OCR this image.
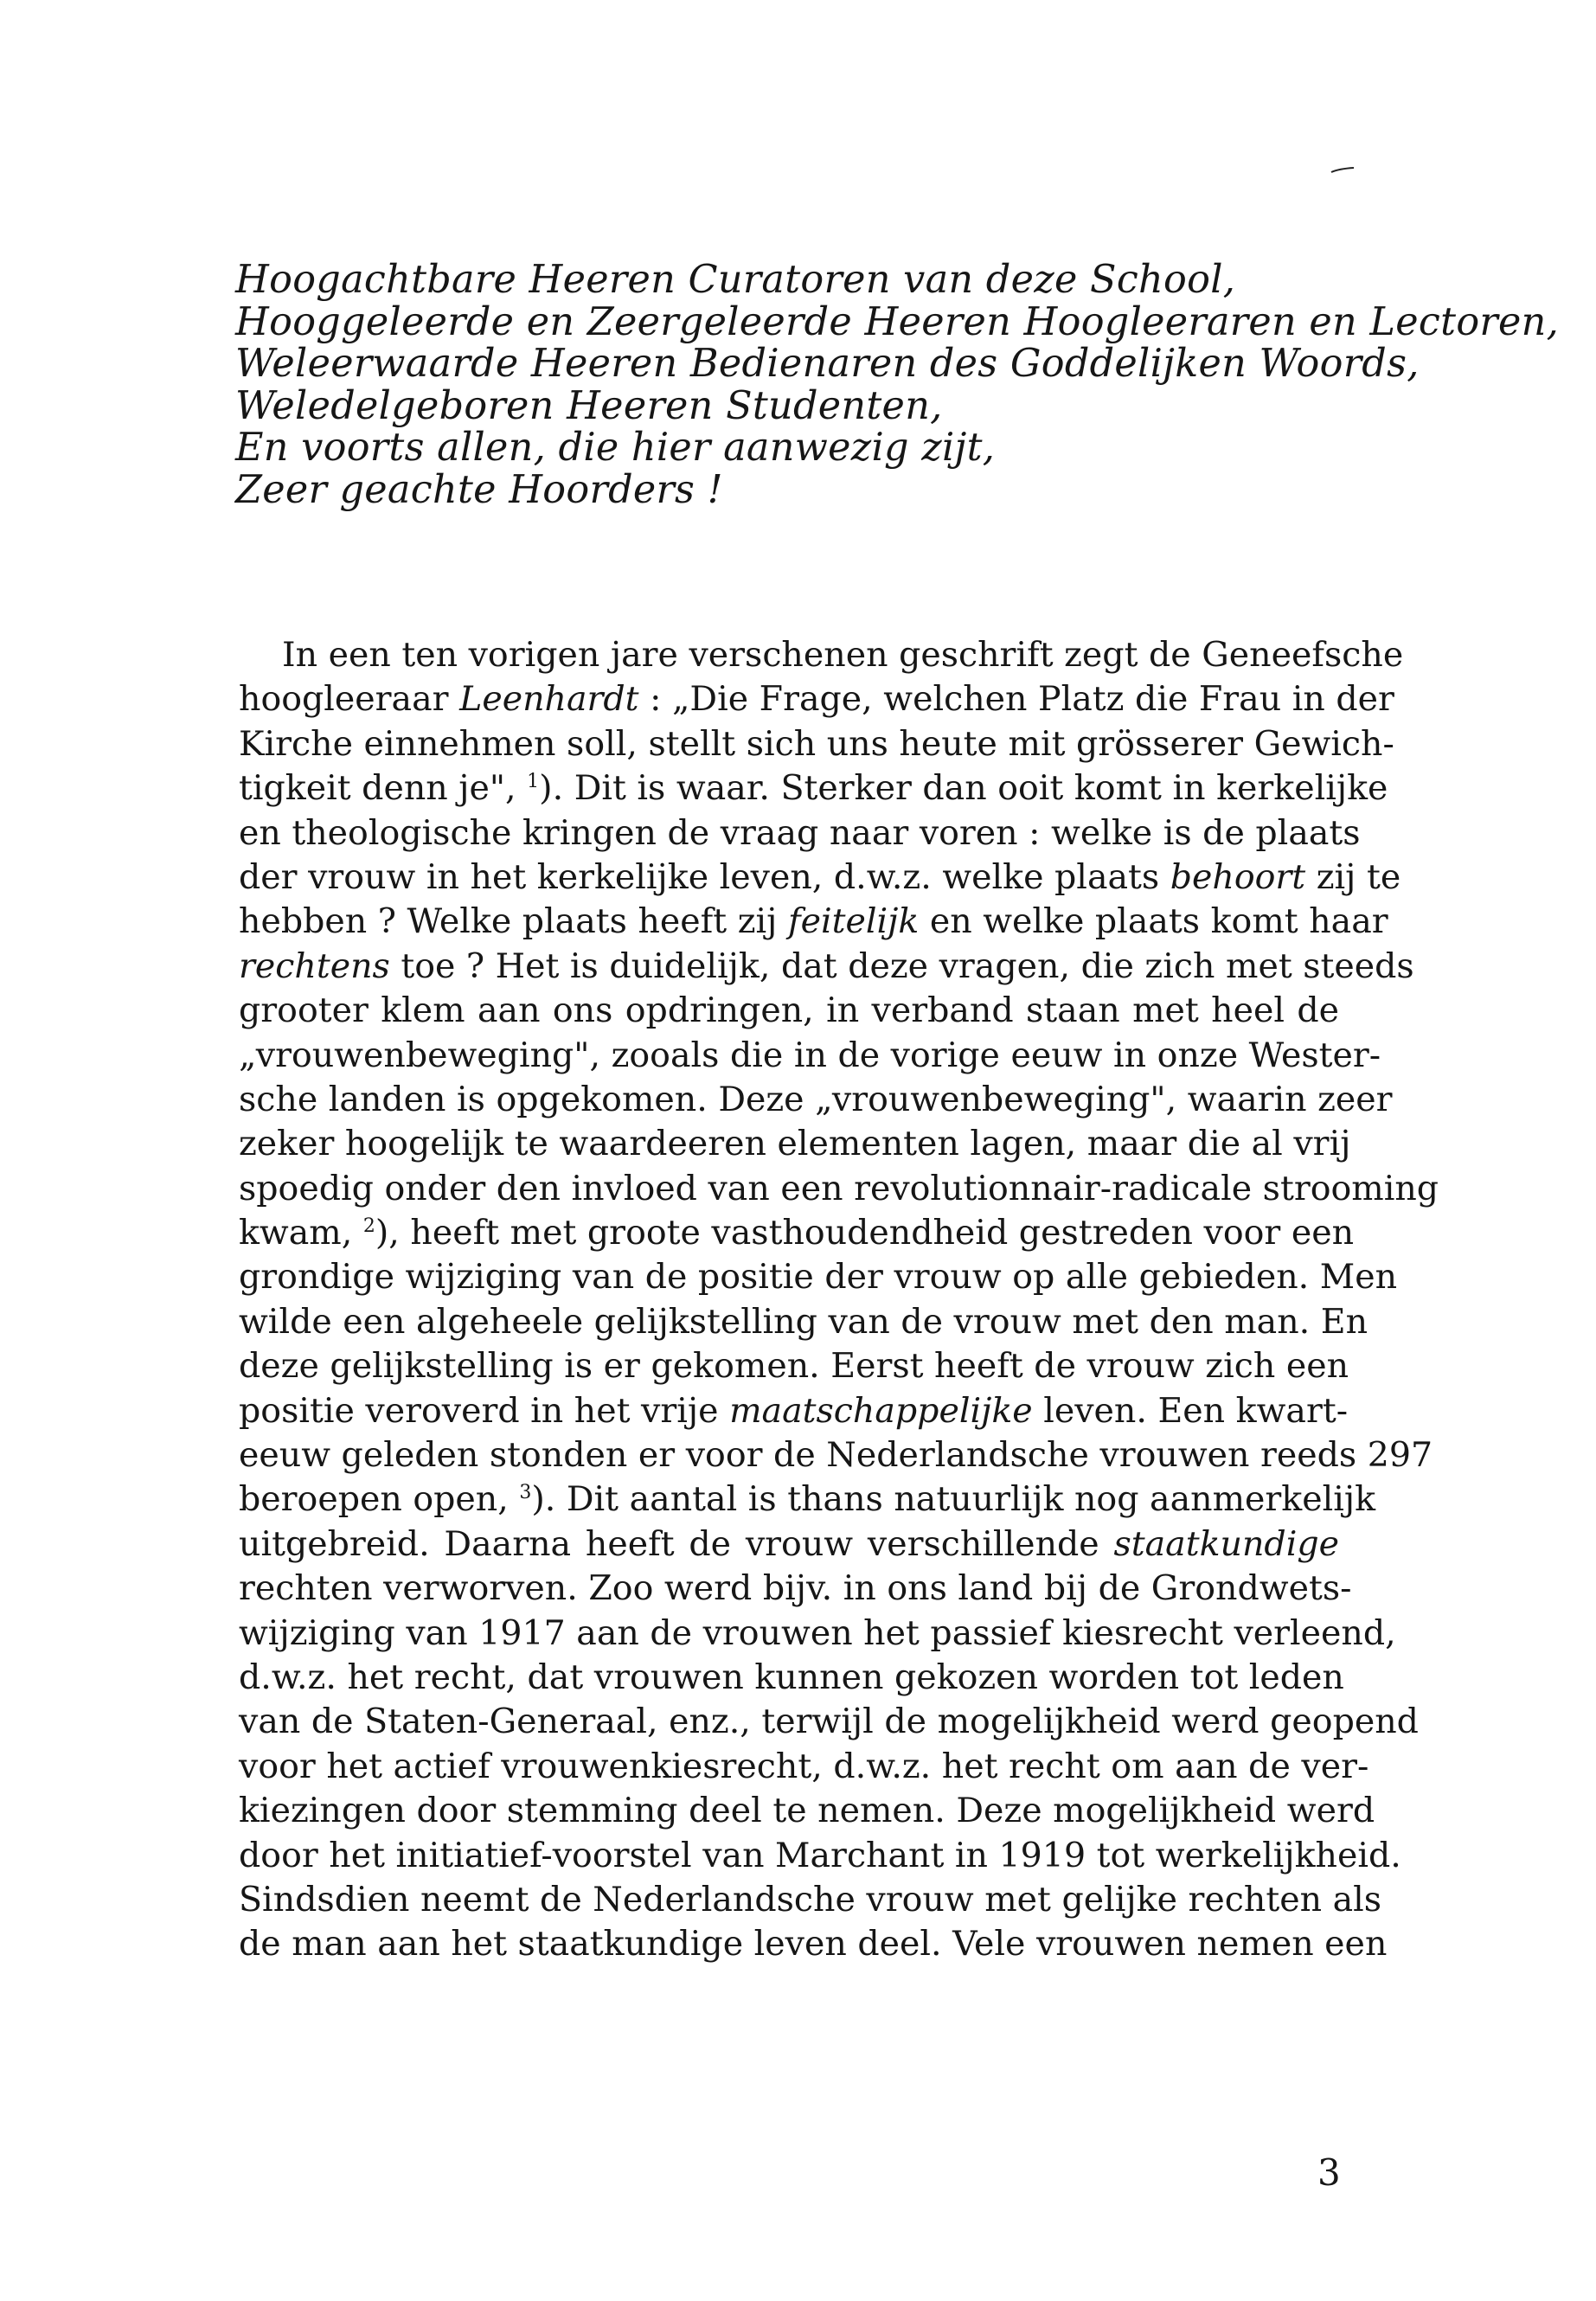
Hoogachtbare Heeren Curatoren van deze School,
Hooggeleerde en Zeergeleerde Heeren Hoogleeraren en Lectoren,
Weleerwaarde Heeren Bedienaren des Goddelijken Woords,
Weledelgeboren Heeren Studenten,
En voorts allen, die hier aanwezig zijt,
Zeer geachte Hoorders !
In een ten vorigen jare verschenen geschrift zegt de Geneefsche
hoogleeraar Leenhardt : „Die Frage, welchen Platz die Frau in der
Kirche einnehmen soll, stellt sich uns heute mit grösserer Gewich-
tigkeit denn je", $^1$). Dit is waar. Sterker dan ooit komt in kerkelijke
en theologische kringen de vraag naar voren : welke is de plaats
der vrouw in het kerkelijke leven, d.w.z. welke plaats behoort zij te
hebben ? Welke plaats heeft zij feitelijk en welke plaats komt haar
rechtens toe ? Het is duidelijk, dat deze vragen, die zich met steeds
grooter klem aan ons opdringen, in verband staan met heel de
„vrouwenbeweging", zooals die in de vorige eeuw in onze Wester-
sche landen is opgekomen. Deze „vrouwenbeweging", waarin zeer
zeker hoogelijk te waardeeren elementen lagen, maar die al vrij
spoedig onder den invloed van een revolutionnair-radicale strooming
kwam, $^2$), heeft met groote vasthoudendheid gestreden voor een
grondige wijziging van de positie der vrouw op alle gebieden. Men
wilde een algeheele gelijkstelling van de vrouw met den man. En
deze gelijkstelling is er gekomen. Eerst heeft de vrouw zich een
positie veroverd in het vrije maatschappelijke leven. Een kwart-
eeuw geleden stonden er voor de Nederlandsche vrouwen reeds 297
beroepen open, $^3$). Dit aantal is thans natuurlijk nog aanmerkelijk
uitgebreid. Daarna heeft de vrouw verschillende staatkundige
rechten verworven. Zoo werd bijv. in ons land bij de Grondwets-
wijziging van 1917 aan de vrouwen het passief kiesrecht verleend,
d.w.z. het recht, dat vrouwen kunnen gekozen worden tot leden
van de Staten-Generaal, enz., terwijl de mogelijkheid werd geopend
voor het actief vrouwenkiesrecht, d.w.z. het recht om aan de ver-
kiezingen door stemming deel te nemen. Deze mogelijkheid werd
door het initiatief-voorstel van Marchant in 1919 tot werkelijkheid.
Sindsdien neemt de Nederlandsche vrouw met gelijke rechten als
de man aan het staatkundige leven deel. Vele vrouwen nemen een
3
